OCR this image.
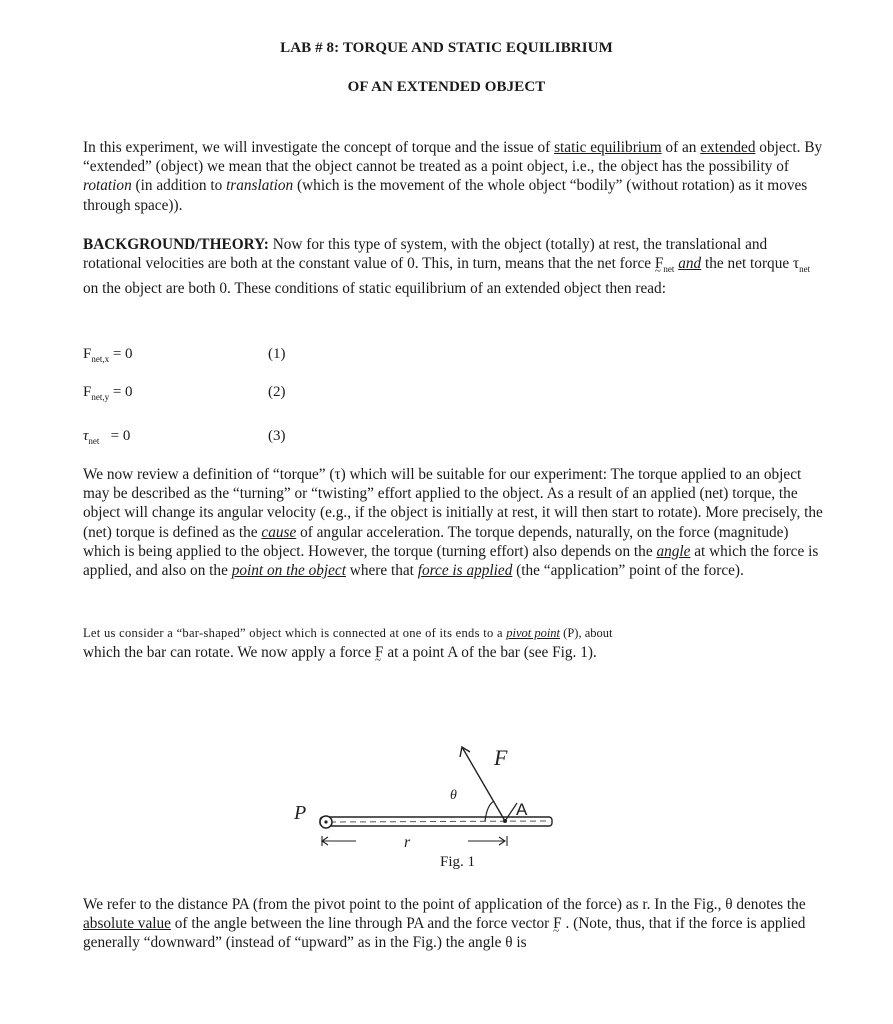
LAB # 8: TORQUE AND STATIC EQUILIBRIUM
OF AN EXTENDED OBJECT

In this experiment, we will investigate the concept of torque and the issue of static equilibrium of an extended object. By “extended” (object) we mean that the object cannot be treated as a point object, i.e., the object has the possibility of rotation (in addition to translation (which is the movement of the whole object “bodily” (without rotation) as it moves through space)).

BACKGROUND/THEORY: Now for this type of system, with the object (totally) at rest, the translational and rotational velocities are both at the constant value of 0. This, in turn, means that the net force F $\sim_{net}$ and the net torque $\tau_{net}$ on the object are both 0. These conditions of static equilibrium of an extended object then read:

$F_{net,x} = 0$	(1)
$F_{net,y} = 0$	(2)
$\tau_{net} = 0$	(3)

We now review a definition of “torque” (τ) which will be suitable for our experiment: The torque applied to an object may be described as the “turning” or “twisting” effort applied to the object. As a result of an applied (net) torque, the object will change its angular velocity (e.g., if the object is initially at rest, it will then start to rotate). More precisely, the (net) torque is defined as the cause of angular acceleration. The torque depends, naturally, on the force (magnitude) which is being applied to the object. However, the torque (turning effort) also depends on the angle at which the force is applied, and also on the point on the object where that force is applied (the “application” point of the force).

Let us consider a “bar-shaped” object which is connected at one of its ends to a pivot point (P), about
which the bar can rotate. We now apply a force F ~ at a point A of the bar (see Fig. 1).

P	A
F
θ
r
Fig. 1

We refer to the distance PA (from the pivot point to the point of application of the force) as r. In the Fig., θ denotes the absolute value of the angle between the line through PA and the force vector F ~ . (Note, thus, that if the force is applied generally “downward” (instead of “upward” as in the Fig.) the angle θ is
